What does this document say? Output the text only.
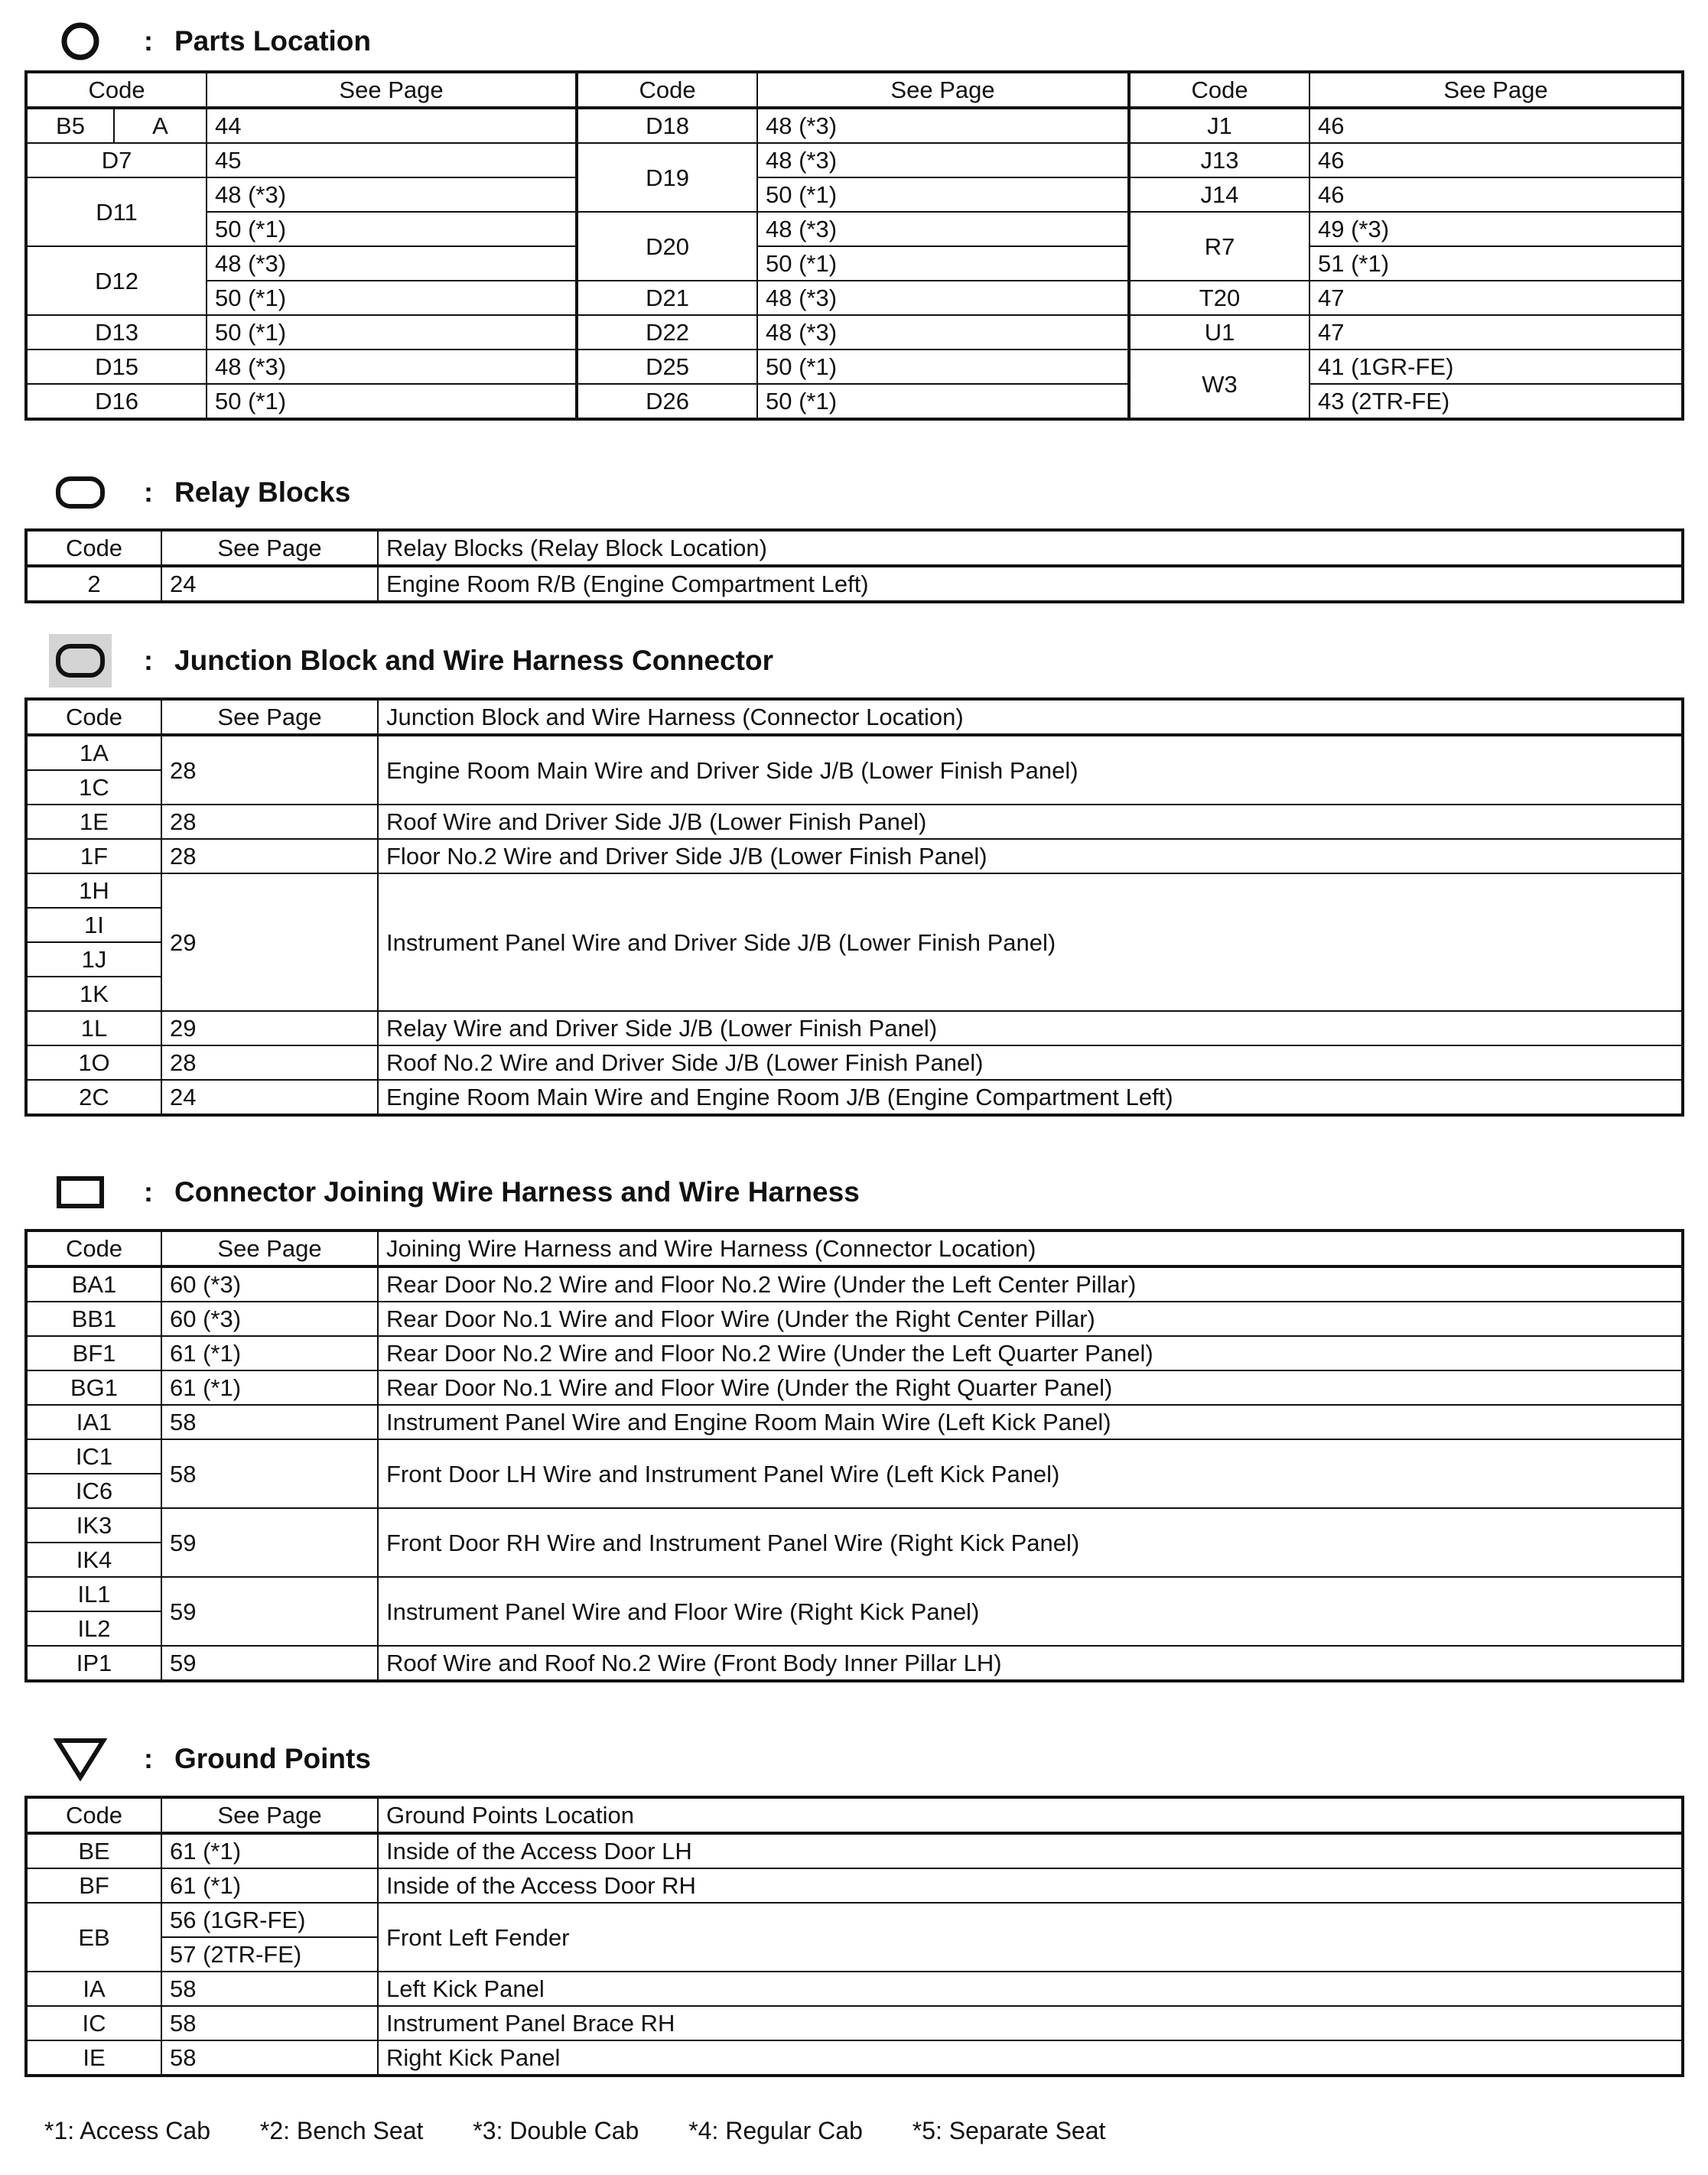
: Parts Location
Code		See Page	Code	See Page	Code	See Page
B5	A	44	D18	48 (*3)	J1	46
D7		45	D19	48 (*3)	J13	46
D11		48 (*3)		50 (*1)	J14	46
		50 (*1)	D20	48 (*3)	R7	49 (*3)
D12		48 (*3)		50 (*1)		51 (*1)
		50 (*1)	D21	48 (*3)	T20	47
D13		50 (*1)	D22	48 (*3)	U1	47
D15		48 (*3)	D25	50 (*1)	W3	41 (1GR-FE)
D16		50 (*1)	D26	50 (*1)		43 (2TR-FE)
: Relay Blocks
Code	See Page	Relay Blocks (Relay Block Location)
2	24	Engine Room R/B (Engine Compartment Left)
: Junction Block and Wire Harness Connector
Code	See Page	Junction Block and Wire Harness (Connector Location)
1A	28	Engine Room Main Wire and Driver Side J/B (Lower Finish Panel)
1C		
1E	28	Roof Wire and Driver Side J/B (Lower Finish Panel)
1F	28	Floor No.2 Wire and Driver Side J/B (Lower Finish Panel)
1H	29	Instrument Panel Wire and Driver Side J/B (Lower Finish Panel)
1I		
1J		
1K		
1L	29	Relay Wire and Driver Side J/B (Lower Finish Panel)
1O	28	Roof No.2 Wire and Driver Side J/B (Lower Finish Panel)
2C	24	Engine Room Main Wire and Engine Room J/B (Engine Compartment Left)
: Connector Joining Wire Harness and Wire Harness
Code	See Page	Joining Wire Harness and Wire Harness (Connector Location)
BA1	60 (*3)	Rear Door No.2 Wire and Floor No.2 Wire (Under the Left Center Pillar)
BB1	60 (*3)	Rear Door No.1 Wire and Floor Wire (Under the Right Center Pillar)
BF1	61 (*1)	Rear Door No.2 Wire and Floor No.2 Wire (Under the Left Quarter Panel)
BG1	61 (*1)	Rear Door No.1 Wire and Floor Wire (Under the Right Quarter Panel)
IA1	58	Instrument Panel Wire and Engine Room Main Wire (Left Kick Panel)
IC1	58	Front Door LH Wire and Instrument Panel Wire (Left Kick Panel)
IC6		
IK3	59	Front Door RH Wire and Instrument Panel Wire (Right Kick Panel)
IK4		
IL1	59	Instrument Panel Wire and Floor Wire (Right Kick Panel)
IL2		
IP1	59	Roof Wire and Roof No.2 Wire (Front Body Inner Pillar LH)
: Ground Points
Code	See Page	Ground Points Location
BE	61 (*1)	Inside of the Access Door LH
BF	61 (*1)	Inside of the Access Door RH
EB	56 (1GR-FE)	Front Left Fender
	57 (2TR-FE)	
IA	58	Left Kick Panel
IC	58	Instrument Panel Brace RH
IE	58	Right Kick Panel
*1: Access Cab *2: Bench Seat *3: Double Cab *4: Regular Cab *5: Separate Seat
